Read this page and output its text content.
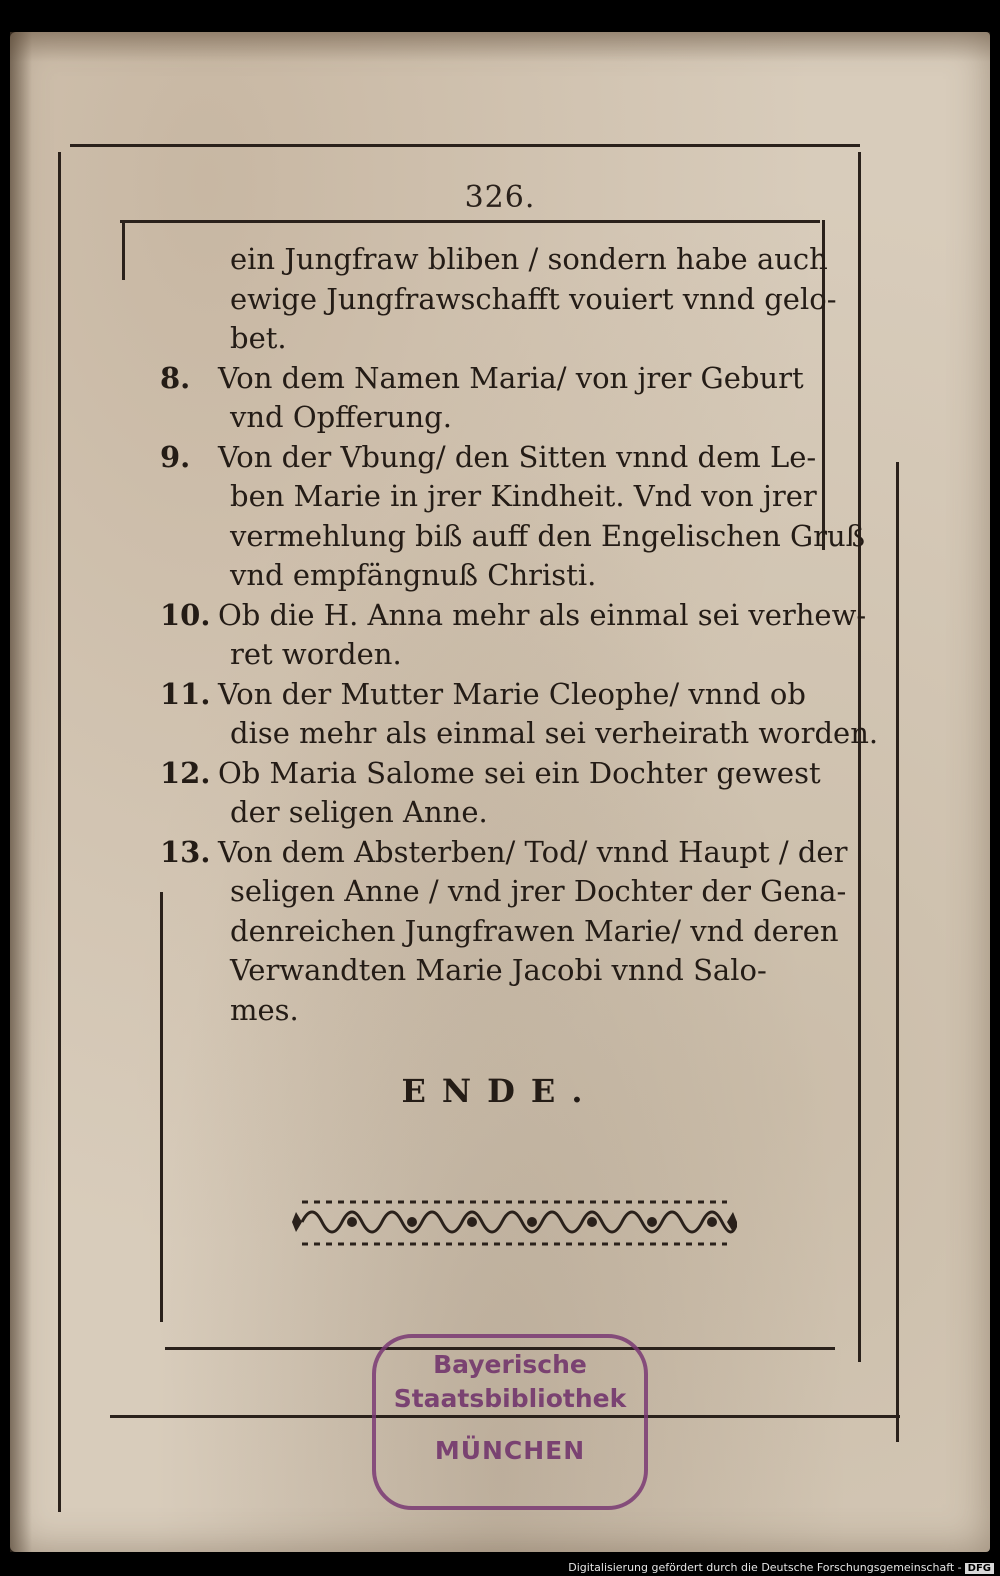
326.
ein Jungfraw bliben / sondern habe auch
ewige Jungfrawschafft vouiert vnnd gelo-
bet.
8. Von dem Namen Maria/ von jrer Geburt
vnd Opfferung.
9. Von der Vbung/ den Sitten vnnd dem Le-
ben Marie in jrer Kindheit. Vnd von jrer
vermehlung biß auff den Engelischen Gruß
vnd empfängnuß Christi.
10. Ob die H. Anna mehr als einmal sei verhew-
ret worden.
11. Von der Mutter Marie Cleophe/ vnnd ob
dise mehr als einmal sei verheirath worden.
12. Ob Maria Salome sei ein Dochter gewest
der seligen Anne.
13. Von dem Absterben/ Tod/ vnnd Haupt / der
seligen Anne / vnd jrer Dochter der Gena-
denreichen Jungfrawen Marie/ vnd deren
Verwandten Marie Jacobi vnnd Salo-
mes.
ENDE.
Bayerische
Staatsbibliothek
MÜNCHEN
Digitalisierung gefördert durch die Deutsche Forschungsgemeinschaft - DFG
